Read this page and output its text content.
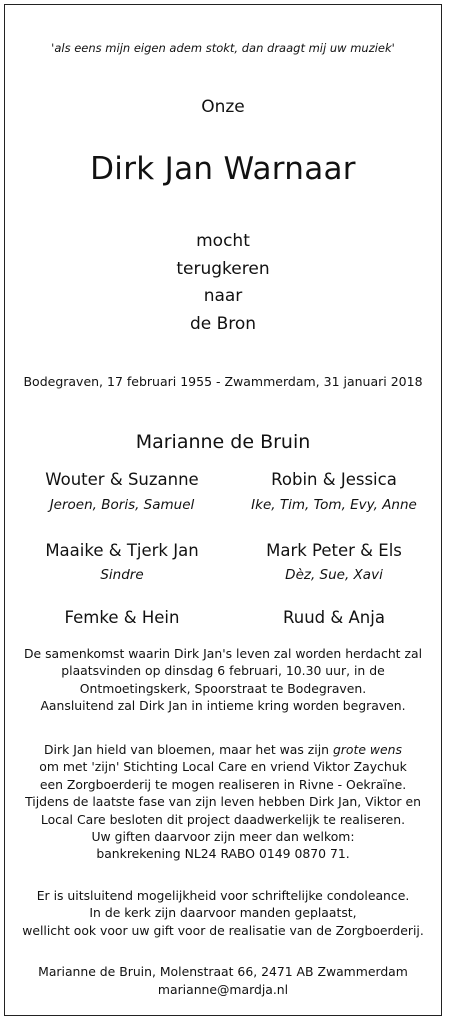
'als eens mijn eigen adem stokt, dan draagt mij uw muziek'
Onze
Dirk Jan Warnaar
mocht
terugkeren
naar
de Bron
Bodegraven, 17 februari 1955 - Zwammerdam, 31 januari 2018
Marianne de Bruin
Wouter & Suzanne
Jeroen, Boris, Samuel
Robin & Jessica
Ike, Tim, Tom, Evy, Anne
Maaike & Tjerk Jan
Sindre
Mark Peter & Els
Dèz, Sue, Xavi
Femke & Hein	Ruud & Anja
De samenkomst waarin Dirk Jan's leven zal worden herdacht zal
plaatsvinden op dinsdag 6 februari, 10.30 uur, in de
Ontmoetingskerk, Spoorstraat te Bodegraven.
Aansluitend zal Dirk Jan in intieme kring worden begraven.
Dirk Jan hield van bloemen, maar het was zijn grote wens
om met 'zijn' Stichting Local Care en vriend Viktor Zaychuk
een Zorgboerderij te mogen realiseren in Rivne - Oekraïne.
Tijdens de laatste fase van zijn leven hebben Dirk Jan, Viktor en
Local Care besloten dit project daadwerkelijk te realiseren.
Uw giften daarvoor zijn meer dan welkom:
bankrekening NL24 RABO 0149 0870 71.
Er is uitsluitend mogelijkheid voor schriftelijke condoleance.
In de kerk zijn daarvoor manden geplaatst,
wellicht ook voor uw gift voor de realisatie van de Zorgboerderij.
Marianne de Bruin, Molenstraat 66, 2471 AB Zwammerdam
marianne@mardja.nl
